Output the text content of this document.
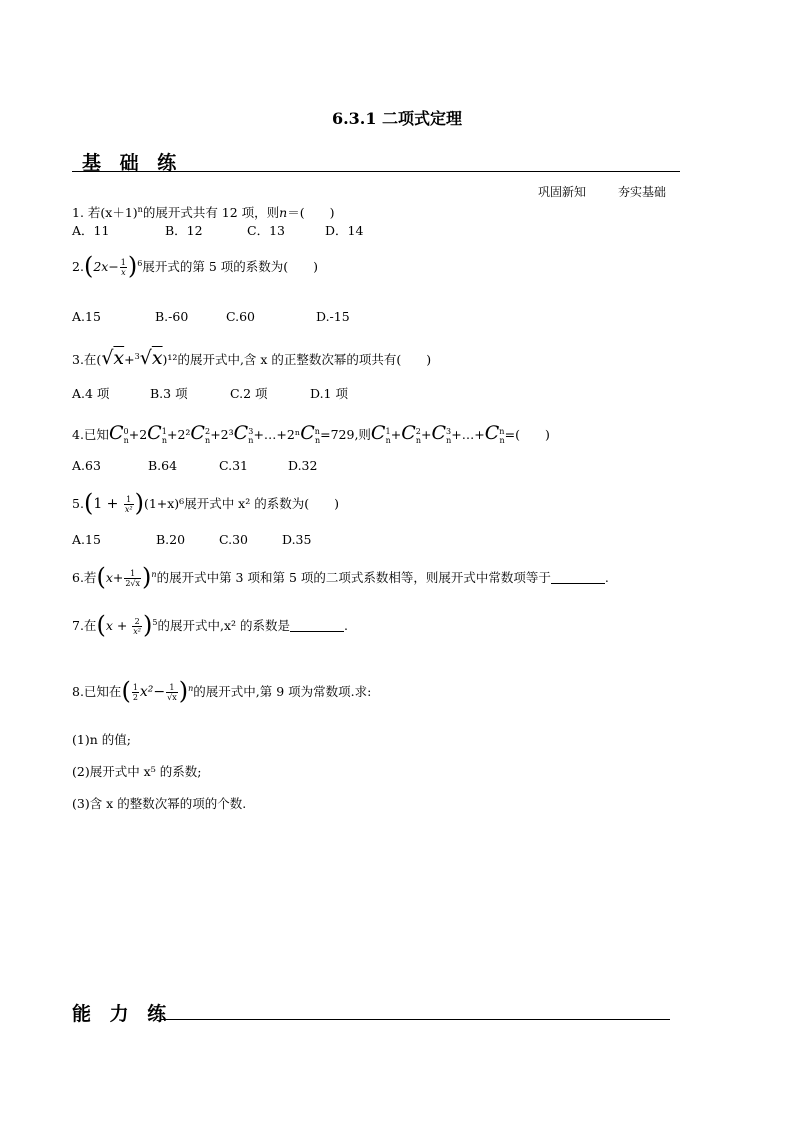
6.3.1 二项式定理
基 础 练
巩固新知	夯实基础
1. 若$(x+1)^n$的展开式共有 12 项，则n＝(　　)
A．11	B．12	C．13	D．14
$2.(2x- \frac{1}{x} )^6$展开式的第 5 项的系数为(　　)
A.15	B.-60	C.60	D.-15
3.在(√x+$^3$√x)¹²的展开式中,含 x 的正整数次幂的项共有(　　)
A.4 项	B.3 项	C.2 项	D.1 项
4.已知$C^0_n+2C^1_n+2^2C^2_n+2^3C^3_n+\dots+2^nC^n_n=729$,则$C^1_n+C^2_n+C^3_n+\dots+C^n_n=$(　　)
A.63	B.64	C.31	D.32
$5.(1 + \frac{1}{\text{x²}} )(1+x)^6$展开式中 x² 的系数为(　　)
A.15	B.20	C.30	D.35
6.若$(x+ \frac{1}{2√x} )^n$的展开式中第 3 项和第 5 项的二项式系数相等，则展开式中常数项等于	.
7.在$(x + \frac{2}{\text{x²}} )^5$的展开式中,x² 的系数是	.
8.已知在( $\frac{1}{2} x^2- \frac{1}{√x} )^n$的展开式中,第 9 项为常数项.求:
(1)n 的值;
(2)展开式中 x⁵ 的系数;
(3)含 x 的整数次幂的项的个数.
能 力 练
